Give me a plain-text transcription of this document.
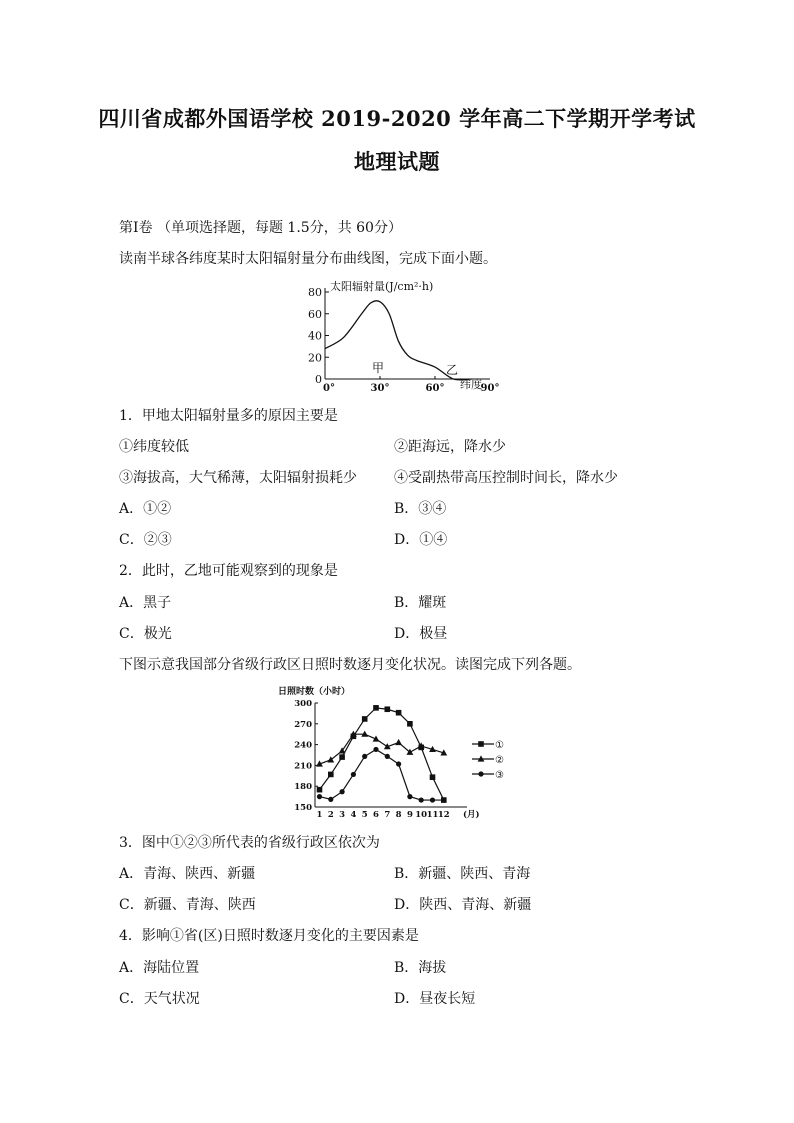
四川省成都外国语学校 2019-2020 学年高二下学期开学考试
地理试题
第Ⅰ卷 （单项选择题，每题 1.5分，共 60分）
读南半球各纬度某时太阳辐射量分布曲线图，完成下面小题。
太阳辐射量(J/cm²·h)
80
60
40
20
0
0°	30°	60°	90°
甲	乙
纬度
1．甲地太阳辐射量多的原因主要是
①纬度较低	②距海远，降水少
③海拔高，大气稀薄，太阳辐射损耗少	④受副热带高压控制时间长，降水少
A．①②	B．③④
C．②③	D．①④
2．此时，乙地可能观察到的现象是
A．黑子	B．耀斑
C．极光	D．极昼
下图示意我国部分省级行政区日照时数逐月变化状况。读图完成下列各题。
日照时数（小时）
300
270
240
210
180
150
1 2 3 4 5 6 7 8 9 10 11 12
①
②
③
(月)
3．图中①②③所代表的省级行政区依次为
A．青海、陕西、新疆	B．新疆、陕西、青海
C．新疆、青海、陕西	D．陕西、青海、新疆
4．影响①省(区)日照时数逐月变化的主要因素是
A．海陆位置	B．海拔
C．天气状况	D．昼夜长短
